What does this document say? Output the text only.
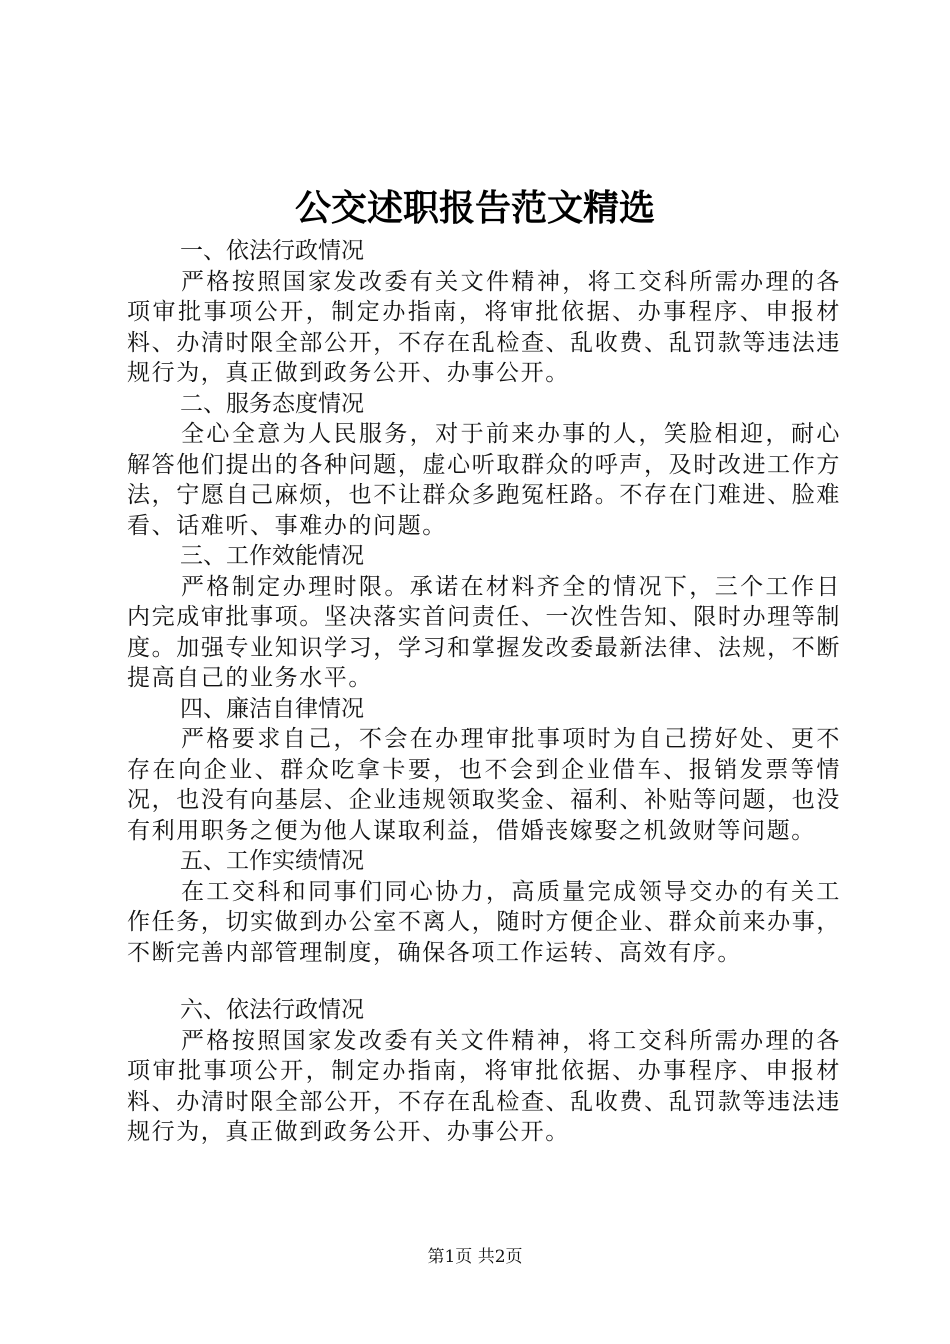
公交述职报告范文精选

一、依法行政情况

严格按照国家发改委有关文件精神，将工交科所需办理的各项审批事项公开，制定办指南，将审批依据、办事程序、申报材料、办清时限全部公开，不存在乱检查、乱收费、乱罚款等违法违规行为，真正做到政务公开、办事公开。

二、服务态度情况

全心全意为人民服务，对于前来办事的人，笑脸相迎，耐心解答他们提出的各种问题，虚心听取群众的呼声，及时改进工作方法，宁愿自己麻烦，也不让群众多跑冤枉路。不存在门难进、脸难看、话难听、事难办的问题。

三、工作效能情况

严格制定办理时限。承诺在材料齐全的情况下，三个工作日内完成审批事项。坚决落实首问责任、一次性告知、限时办理等制度。加强专业知识学习，学习和掌握发改委最新法律、法规，不断提高自己的业务水平。

四、廉洁自律情况

严格要求自己，不会在办理审批事项时为自己捞好处、更不存在向企业、群众吃拿卡要，也不会到企业借车、报销发票等情况，也没有向基层、企业违规领取奖金、福利、补贴等问题，也没有利用职务之便为他人谋取利益，借婚丧嫁娶之机敛财等问题。

五、工作实绩情况

在工交科和同事们同心协力，高质量完成领导交办的有关工作任务，切实做到办公室不离人，随时方便企业、群众前来办事，不断完善内部管理制度，确保各项工作运转、高效有序。

六、依法行政情况

严格按照国家发改委有关文件精神，将工交科所需办理的各项审批事项公开，制定办指南，将审批依据、办事程序、申报材料、办清时限全部公开，不存在乱检查、乱收费、乱罚款等违法违规行为，真正做到政务公开、办事公开。

第1页 共2页
